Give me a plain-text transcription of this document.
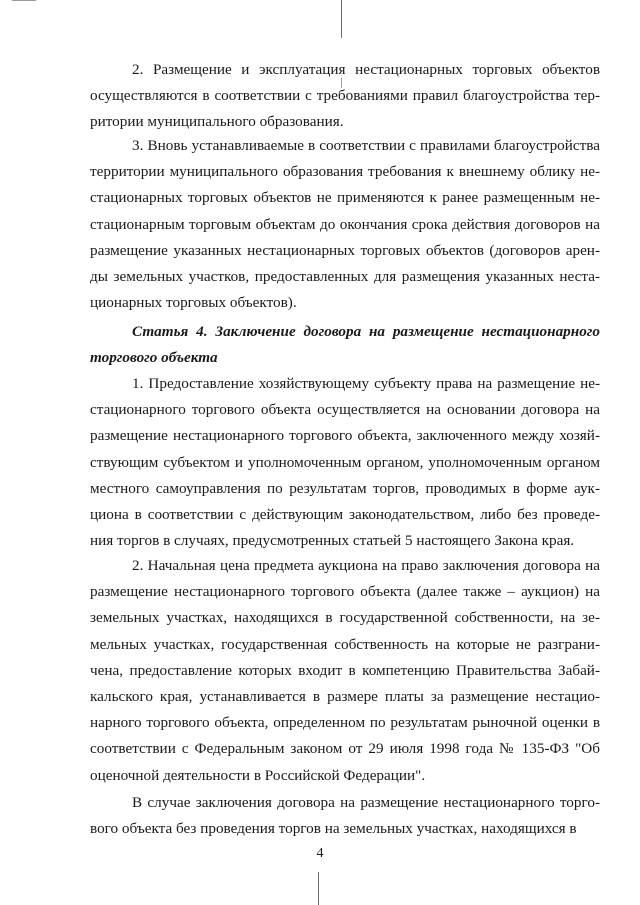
2. Размещение и эксплуатация нестационарных торговых объектов осуществляются в соответствии с требованиями правил благоустройства территории муниципального образования.

3. Вновь устанавливаемые в соответствии с правилами благоустройства территории муниципального образования требования к внешнему облику нестационарных торговых объектов не применяются к ранее размещенным нестационарным торговым объектам до окончания срока действия договоров на размещение указанных нестационарных торговых объектов (договоров аренды земельных участков, предоставленных для размещения указанных нестационарных торговых объектов).

Статья 4. Заключение договора на размещение нестационарного торгового объекта

1. Предоставление хозяйствующему субъекту права на размещение нестационарного торгового объекта осуществляется на основании договора на размещение нестационарного торгового объекта, заключенного между хозяйствующим субъектом и уполномоченным органом, уполномоченным органом местного самоуправления по результатам торгов, проводимых в форме аукциона в соответствии с действующим законодательством, либо без проведения торгов в случаях, предусмотренных статьей 5 настоящего Закона края.

2. Начальная цена предмета аукциона на право заключения договора на размещение нестационарного торгового объекта (далее также – аукцион) на земельных участках, находящихся в государственной собственности, на земельных участках, государственная собственность на которые не разграничена, предоставление которых входит в компетенцию Правительства Забайкальского края, устанавливается в размере платы за размещение нестационарного торгового объекта, определенном по результатам рыночной оценки в соответствии с Федеральным законом от 29 июля 1998 года № 135-ФЗ "Об оценочной деятельности в Российской Федерации".

В случае заключения договора на размещение нестационарного торгового объекта без проведения торгов на земельных участках, находящихся в

4
